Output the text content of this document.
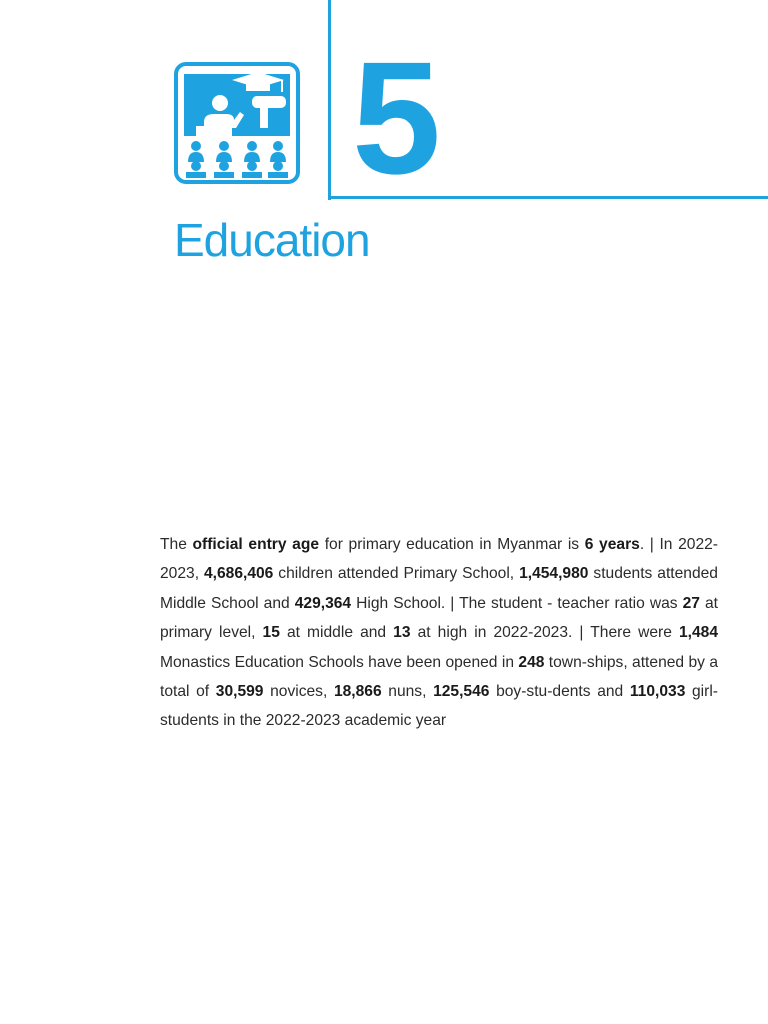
5
Education

The official entry age for primary education in Myanmar is 6 years. | In 2022-2023, 4,686,406 children attended Primary School, 1,454,980 students attended Middle School and 429,364 High School. | The student - teacher ratio was 27 at primary level, 15 at middle and 13 at high in 2022-2023. | There were 1,484 Monastics Education Schools have been opened in 248 town-ships, attened by a total of 30,599 novices, 18,866 nuns, 125,546 boy-stu-dents and 110,033 girl-students in the 2022-2023 academic year
